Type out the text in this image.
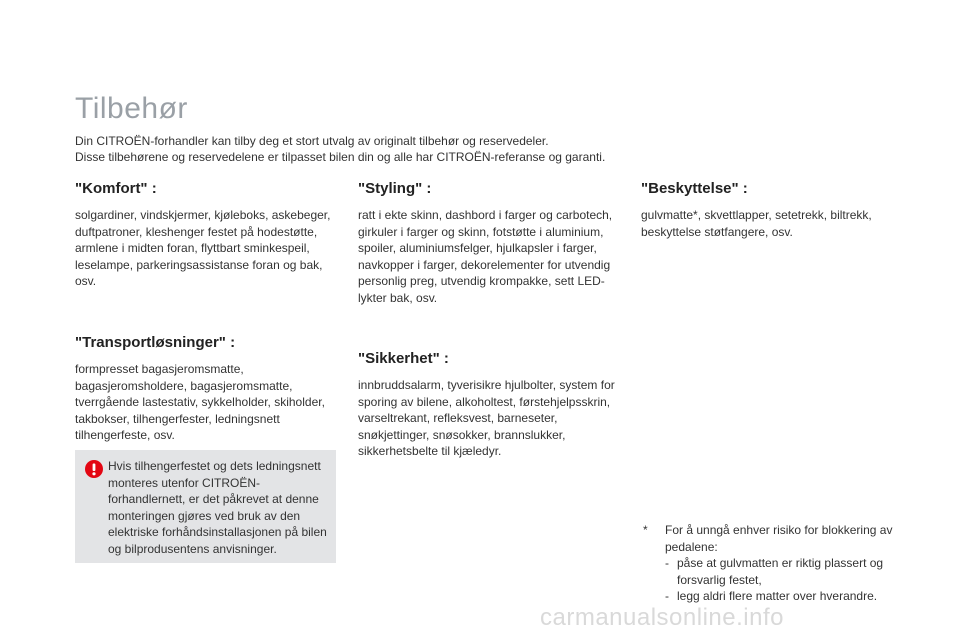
Tilbehør

Din CITROËN-forhandler kan tilby deg et stort utvalg av originalt tilbehør og reservedeler.

Disse tilbehørene og reservedelene er tilpasset bilen din og alle har CITROËN-referanse og garanti.

"Komfort" :

solgardiner, vindskjermer, kjøleboks, askebeger, duftpatroner, kleshenger festet på hodestøtte, armlene i midten foran, flyttbart sminkespeil, leselampe, parkeringsassistanse foran og bak, osv.

"Styling" :

ratt i ekte skinn, dashbord i farger og carbotech, girkuler i farger og skinn, fotstøtte i aluminium, spoiler, aluminiumsfelger, hjulkapsler i farger, navkopper i farger, dekorelementer for utvendig personlig preg, utvendig krompakke, sett LED-lykter bak, osv.

"Beskyttelse" :

gulvmatte*, skvettlapper, setetrekk, biltrekk, beskyttelse støtfangere, osv.

"Transportløsninger" :

formpresset bagasjeromsmatte, bagasjeromsholdere, bagasjeromsmatte, tverrgående lastestativ, sykkelholder, skiholder, takbokser, tilhengerfester, ledningsnett tilhengerfeste, osv.

"Sikkerhet" :

innbruddsalarm, tyverisikre hjulbolter, system for sporing av bilene, alkoholtest, førstehjelpsskrin, varseltrekant, refleksvest, barneseter, snøkjettinger, snøsokker, brannslukker, sikkerhetsbelte til kjæledyr.

Hvis tilhengerfestet og dets ledningsnett monteres utenfor CITROËN-forhandlernett, er det påkrevet at denne monteringen gjøres ved bruk av den elektriske forhåndsinstallasjonen på bilen og bilprodusentens anvisninger.

* For å unngå enhver risiko for blokkering av pedalene:
- påse at gulvmatten er riktig plassert og forsvarlig festet,
- legg aldri flere matter over hverandre.
carmanualsonline.info
